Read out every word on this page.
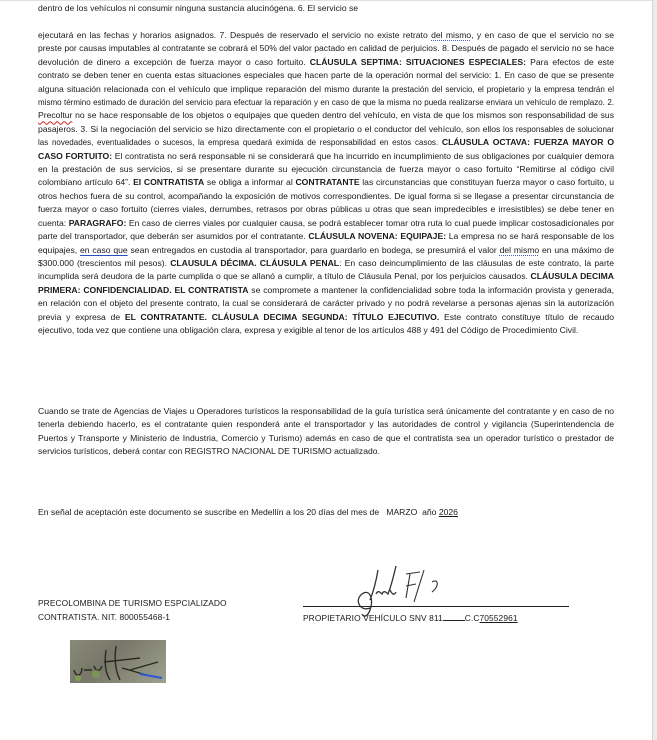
dentro de los vehículos ni consumir ninguna sustancia alucinógena. 6. El servicio se
ejecutará en las fechas y horarios asignados. 7. Después de reservado el servicio no existe retrato del mismo, y en caso de que el servicio no se preste por causas imputables al contratante se cobrará el 50% del valor pactado en calidad de perjuicios. 8. Después de pagado el servicio no se hace devolución de dinero a excepción de fuerza mayor o caso fortuito. CLÁUSULA SEPTIMA: SITUACIONES ESPECIALES: Para efectos de este contrato se deben tener en cuenta estas situaciones especiales que hacen parte de la operación normal del servicio: 1. En caso de que se presente alguna situación relacionada con el vehículo que implique reparación del mismo durante la prestación del servicio, el propietario y la empresa tendrán el mismo término estimado de duración del servicio para efectuar la reparación y en caso de que la misma no pueda realizarse enviara un vehículo de remplazo. 2. Precoltur no se hace responsable de los objetos o equipajes que queden dentro del vehículo, en vista de que los mismos son responsabilidad de sus pasajeros. 3. Si la negociación del servicio se hizo directamente con el propietario o el conductor del vehículo, son ellos los responsables de solucionar las novedades, eventualidades o sucesos, la empresa quedará eximida de responsabilidad en estos casos. CLÁUSULA OCTAVA: FUERZA MAYOR O CASO FORTUITO: El contratista no será responsable ni se considerará que ha incurrido en incumplimiento de sus obligaciones por cualquier demora en la prestación de sus servicios, si se presentare durante su ejecución circunstancia de fuerza mayor o caso fortuito “Remitirse al código civil colombiano artículo 64”. El CONTRATISTA se obliga a informar al CONTRATANTE las circunstancias que constituyan fuerza mayor o caso fortuito, u otros hechos fuera de su control, acompañando la exposición de motivos correspondientes. De igual forma si se llegase a presentar circunstancia de fuerza mayor o caso fortuito (cierres viales, derrumbes, retrasos por obras públicas u otras que sean impredecibles e irresistibles) se debe tener en cuenta: PARAGRAFO: En caso de cierres viales por cualquier causa, se podrá establecer tomar otra ruta lo cual puede implicar costosadicionales por parte del transportador, que deberán ser asumidos por el contratante. CLÁUSULA NOVENA: EQUIPAJE: La empresa no se hará responsable de los equipajes, en caso que sean entregados en custodia al transportador, para guardarlo en bodega, se presumirá el valor del mismo en una máximo de $300.000 (trescientos mil pesos). CLAUSULA DÉCIMA. CLÁUSULA PENAL: En caso deincumplimiento de las cláusulas de este contrato, la parte incumplida será deudora de la parte cumplida o que se allanó a cumplir, a título de Cláusula Penal, por los perjuicios causados. CLÁUSULA DECIMA PRIMERA: CONFIDENCIALIDAD. EL CONTRATISTA se compromete a mantener la confidencialidad sobre toda la información provista y generada, en relación con el objeto del presente contrato, la cual se considerará de carácter privado y no podrá revelarse a personas ajenas sin la autorización previa y expresa de EL CONTRATANTE. CLÁUSULA DECIMA SEGUNDA: TÍTULO EJECUTIVO. Este contrato constituye título de recaudo ejecutivo, toda vez que contiene una obligación clara, expresa y exigible al tenor de los artículos 488 y 491 del Código de Procedimiento Civil.
Cuando se trate de Agencias de Viajes u Operadores turísticos la responsabilidad de la guía turística será únicamente del contratante y en caso de no tenerla debiendo hacerlo, es el contratante quien responderá ante el transportador y las autoridades de control y vigilancia (Superintendencia de Puertos y Transporte y Ministerio de Industria, Comercio y Turismo) además en caso de que el contratista sea un operador turístico o prestador de servicios turísticos, deberá contar con REGISTRO NACIONAL DE TURISMO actualizado.
En señal de aceptación este documento se suscribe en Medellín a los 20 días del mes de   MARZO  año 2026
PRECOLOMBINA DE TURISMO ESPCIALIZADO
CONTRATISTA. NIT. 800055468-1	PROPIETARIO VEHÍCULO SNV 811	C.C70552961
